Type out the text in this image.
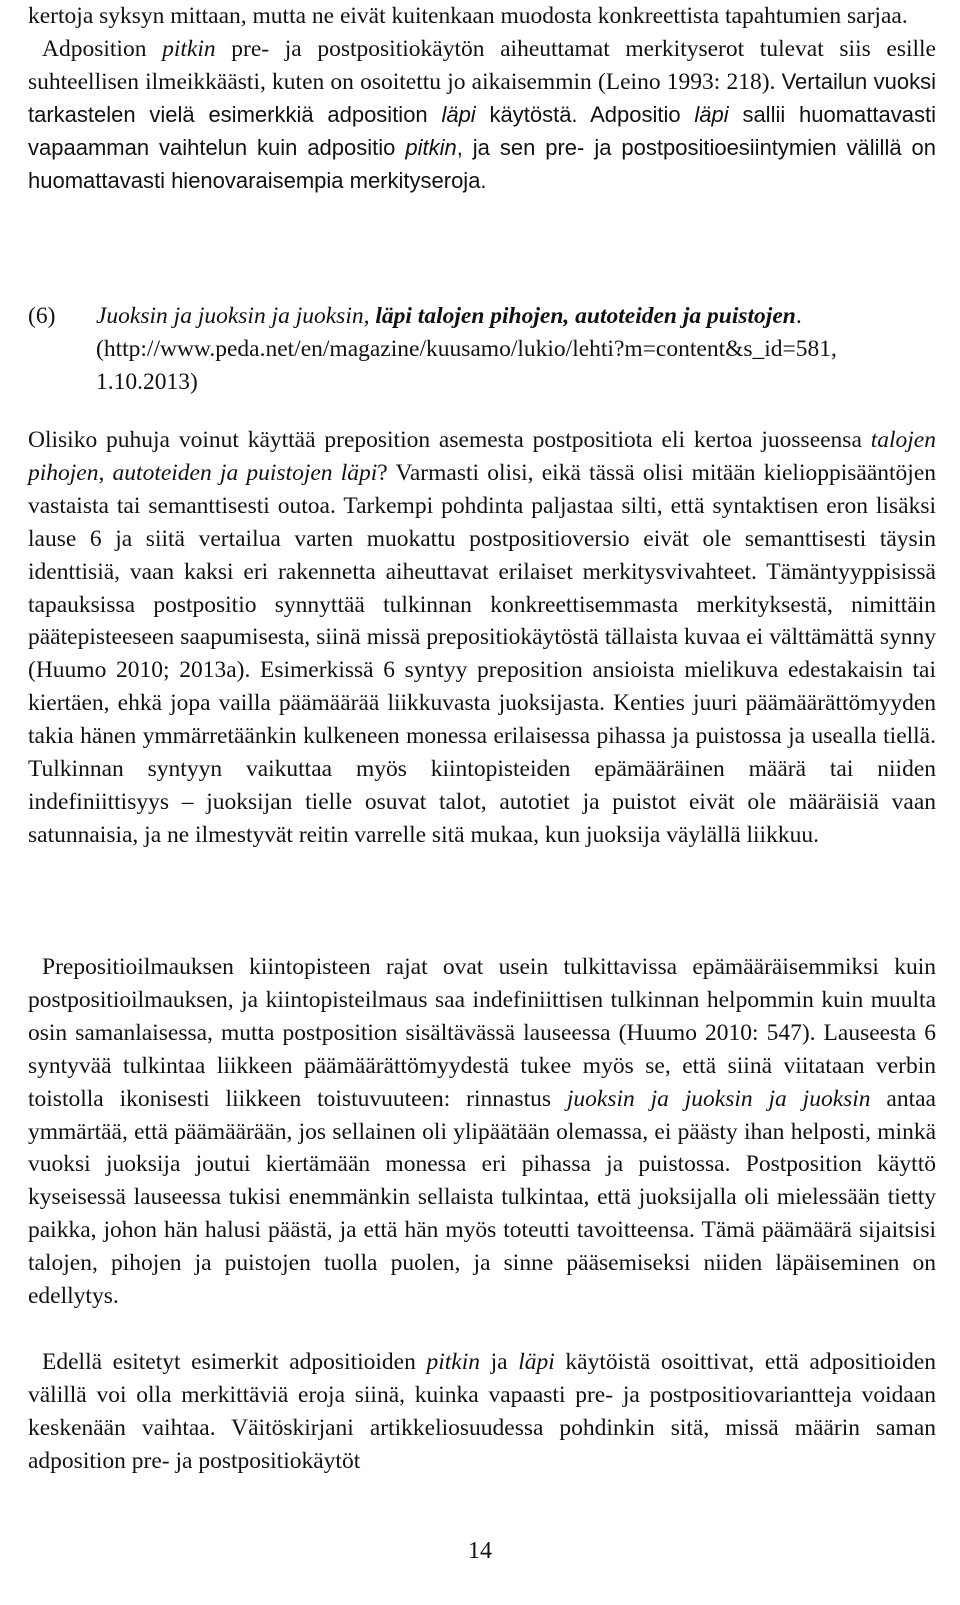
kertoja syksyn mittaan, mutta ne eivät kuitenkaan muodosta konkreettista tapahtumien sarjaa.
Adposition pitkin pre- ja postpositiokäytön aiheuttamat merkityserot tulevat siis esille suhteellisen ilmeikkäästi, kuten on osoitettu jo aikaisemmin (Leino 1993: 218). Vertailun vuoksi tarkastelen vielä esimerkkiä adposition läpi käytöstä. Adpositio läpi sallii huomattavasti vapaamman vaihtelun kuin adpositio pitkin, ja sen pre- ja postpositioesiintymien välillä on huomattavasti hienovaraisempia merkityseroja.

(6) Juoksin ja juoksin ja juoksin, läpi talojen pihojen, autoteiden ja puistojen.
(http://www.peda.net/en/magazine/kuusamo/lukio/lehti?m=content&s_id=581, 1.10.2013)

Olisiko puhuja voinut käyttää preposition asemesta postpositiota eli kertoa juosseensa talojen pihojen, autoteiden ja puistojen läpi? Varmasti olisi, eikä tässä olisi mitään kielioppisääntöjen vastaista tai semanttisesti outoa. Tarkempi pohdinta paljastaa silti, että syntaktisen eron lisäksi lause 6 ja siitä vertailua varten muokattu postpositioversio eivät ole semanttisesti täysin identtisiä, vaan kaksi eri rakennetta aiheuttavat erilaiset merkitysvivahteet. Tämäntyyppisissä tapauksissa postpositio synnyttää tulkinnan konkreettisemmasta merkityksestä, nimittäin päätepisteeseen saapumisesta, siinä missä prepositiokäytöstä tällaista kuvaa ei välttämättä synny (Huumo 2010; 2013a). Esimerkissä 6 syntyy preposition ansioista mielikuva edestakaisin tai kiertäen, ehkä jopa vailla päämäärää liikkuvasta juoksijasta. Kenties juuri päämäärättömyyden takia hänen ymmärretäänkin kulkeneen monessa erilaisessa pihassa ja puistossa ja usealla tiellä. Tulkinnan syntyyn vaikuttaa myös kiintopisteiden epämääräinen määrä tai niiden indefiniittisyys – juoksijan tielle osuvat talot, autotiet ja puistot eivät ole määräisiä vaan satunnaisia, ja ne ilmestyvät reitin varrelle sitä mukaa, kun juoksija väylällä liikkuu.

Prepositioilmauksen kiintopisteen rajat ovat usein tulkittavissa epämääräisemmiksi kuin postpositioilmauksen, ja kiintopisteilmaus saa indefiniittisen tulkinnan helpommin kuin muulta osin samanlaisessa, mutta postposition sisältävässä lauseessa (Huumo 2010: 547). Lauseesta 6 syntyvää tulkintaa liikkeen päämäärättömyydestä tukee myös se, että siinä viitataan verbin toistolla ikonisesti liikkeen toistuvuuteen: rinnastus juoksin ja juoksin ja juoksin antaa ymmärtää, että päämäärään, jos sellainen oli ylipäätään olemassa, ei päästy ihan helposti, minkä vuoksi juoksija joutui kiertämään monessa eri pihassa ja puistossa. Postposition käyttö kyseisessä lauseessa tukisi enemmänkin sellaista tulkintaa, että juoksijalla oli mielessään tietty paikka, johon hän halusi päästä, ja että hän myös toteutti tavoitteensa. Tämä päämäärä sijaitsisi talojen, pihojen ja puistojen tuolla puolen, ja sinne pääsemiseksi niiden läpäiseminen on edellytys.

Edellä esitetyt esimerkit adpositioiden pitkin ja läpi käytöistä osoittivat, että adpositioiden välillä voi olla merkittäviä eroja siinä, kuinka vapaasti pre- ja postpositiovariantteja voidaan keskenään vaihtaa. Väitöskirjani artikkeliosuudessa pohdinkin sitä, missä määrin saman adposition pre- ja postpositiokäytöt

14
